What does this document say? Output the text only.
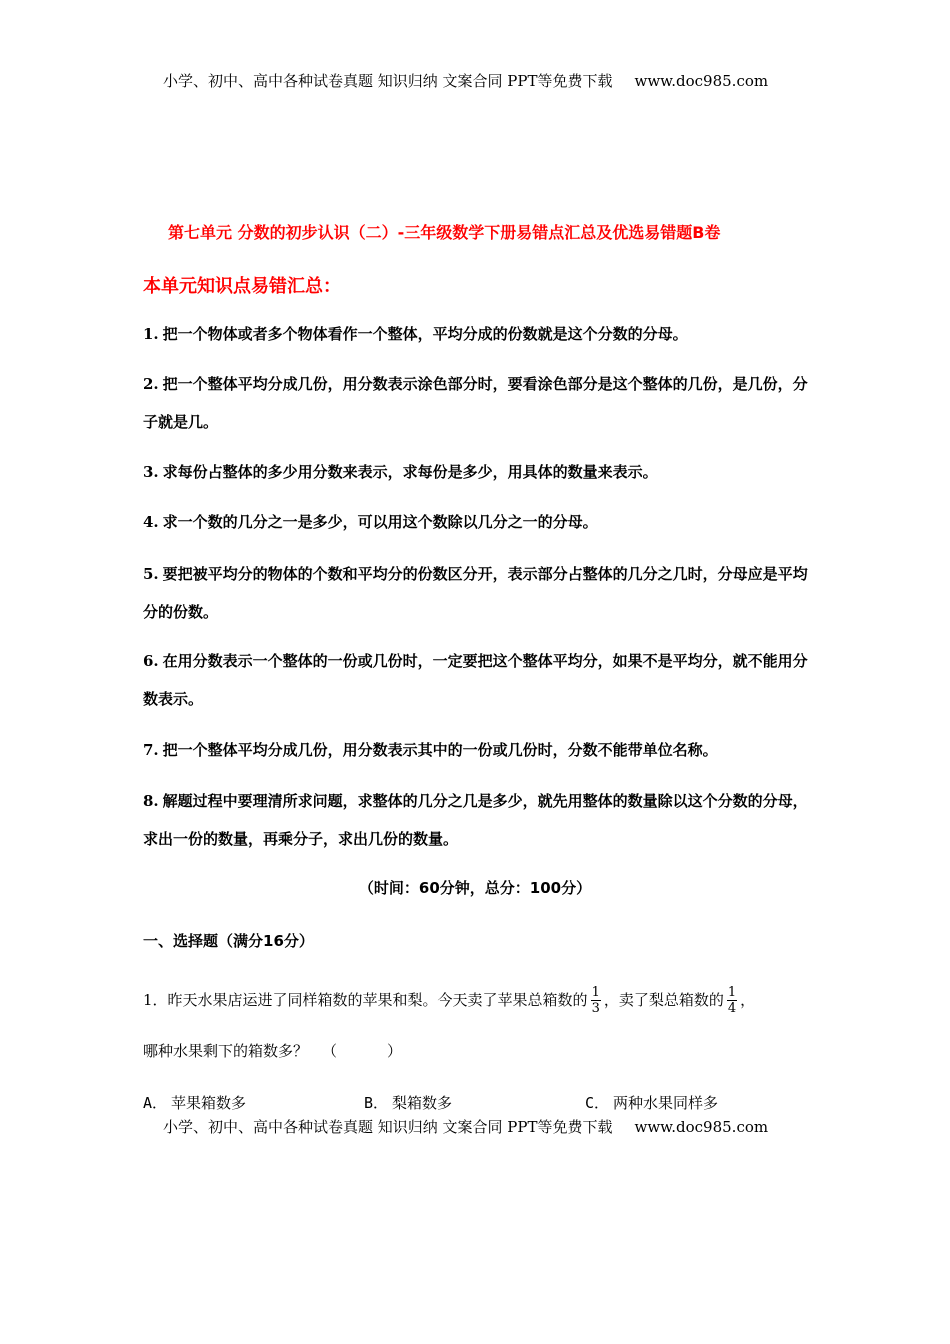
小学、初中、高中各种试卷真题 知识归纳 文案合同 PPT等免费下载 www.doc985.com
第七单元 分数的初步认识（二）-三年级数学下册易错点汇总及优选易错题B卷
本单元知识点易错汇总：
1. 把一个物体或者多个物体看作一个整体，平均分成的份数就是这个分数的分母。
2. 把一个整体平均分成几份，用分数表示涂色部分时，要看涂色部分是这个整体的几份，是几份，分子就是几。
3. 求每份占整体的多少用分数来表示，求每份是多少，用具体的数量来表示。
4. 求一个数的几分之一是多少，可以用这个数除以几分之一的分母。
5. 要把被平均分的物体的个数和平均分的份数区分开，表示部分占整体的几分之几时，分母应是平均分的份数。
6. 在用分数表示一个整体的一份或几份时，一定要把这个整体平均分，如果不是平均分，就不能用分数表示。
7. 把一个整体平均分成几份，用分数表示其中的一份或几份时，分数不能带单位名称。
8. 解题过程中要理清所求问题，求整体的几分之几是多少，就先用整体的数量除以这个分数的分母，求出一份的数量，再乘分子，求出几份的数量。
（时间：60分钟，总分：100分）
一、选择题（满分16分）
1．昨天水果店运进了同样箱数的苹果和梨。今天卖了苹果总箱数的 $\frac{1}{3}$ ，卖了梨总箱数的 $\frac{1}{4}$ ，
哪种水果剩下的箱数多？ （	）
A． 苹果箱数多	B． 梨箱数多	C． 两种水果同样多
小学、初中、高中各种试卷真题 知识归纳 文案合同 PPT等免费下载 www.doc985.com
